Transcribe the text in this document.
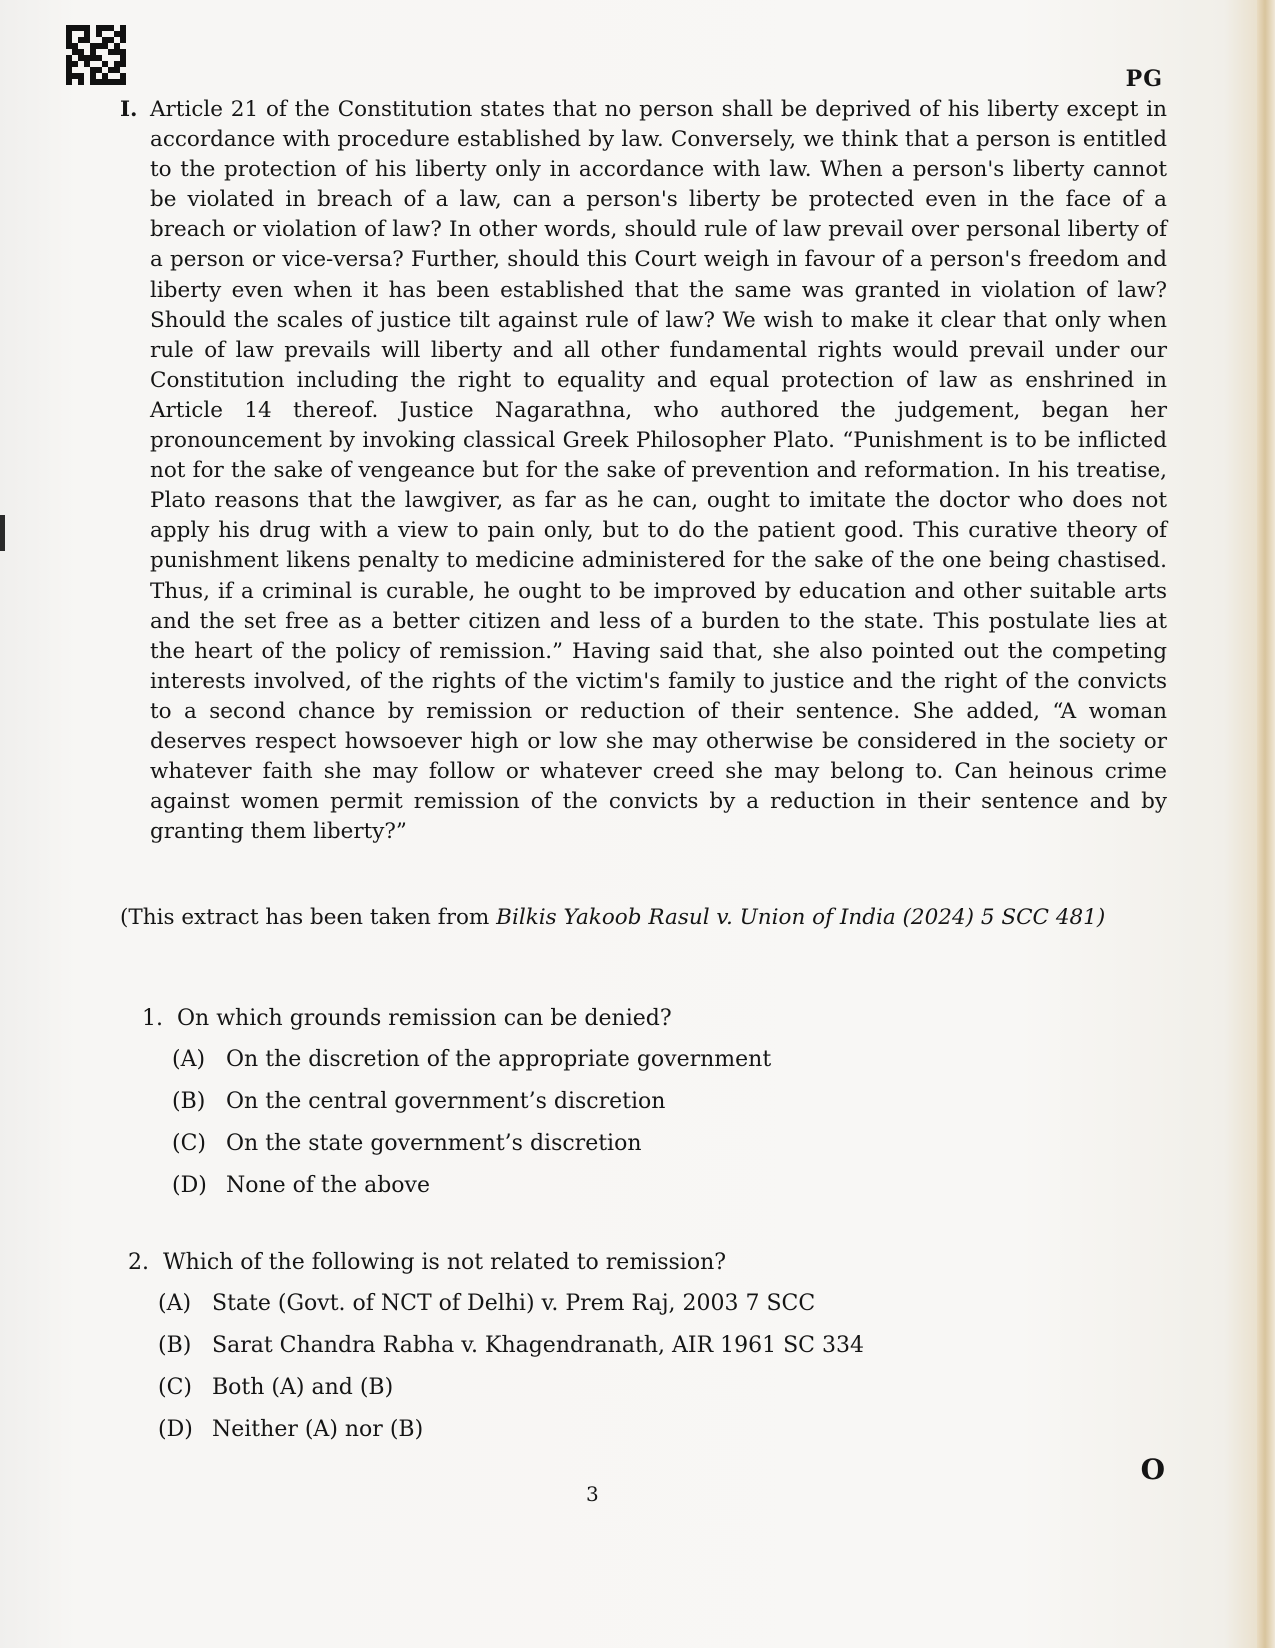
PG
I. Article 21 of the Constitution states that no person shall be deprived of his liberty except in accordance with procedure established by law. Conversely, we think that a person is entitled to the protection of his liberty only in accordance with law. When a person's liberty cannot be violated in breach of a law, can a person's liberty be protected even in the face of a breach or violation of law? In other words, should rule of law prevail over personal liberty of a person or vice-versa? Further, should this Court weigh in favour of a person's freedom and liberty even when it has been established that the same was granted in violation of law? Should the scales of justice tilt against rule of law? We wish to make it clear that only when rule of law prevails will liberty and all other fundamental rights would prevail under our Constitution including the right to equality and equal protection of law as enshrined in Article 14 thereof. Justice Nagarathna, who authored the judgement, began her pronouncement by invoking classical Greek Philosopher Plato. “Punishment is to be inflicted not for the sake of vengeance but for the sake of prevention and reformation. In his treatise, Plato reasons that the lawgiver, as far as he can, ought to imitate the doctor who does not apply his drug with a view to pain only, but to do the patient good. This curative theory of punishment likens penalty to medicine administered for the sake of the one being chastised. Thus, if a criminal is curable, he ought to be improved by education and other suitable arts and the set free as a better citizen and less of a burden to the state. This postulate lies at the heart of the policy of remission.” Having said that, she also pointed out the competing interests involved, of the rights of the victim's family to justice and the right of the convicts to a second chance by remission or reduction of their sentence. She added, “A woman deserves respect howsoever high or low she may otherwise be considered in the society or whatever faith she may follow or whatever creed she may belong to. Can heinous crime against women permit remission of the convicts by a reduction in their sentence and by granting them liberty?”
(This extract has been taken from Bilkis Yakoob Rasul v. Union of India (2024) 5 SCC 481)
1. On which grounds remission can be denied?
(A) On the discretion of the appropriate government
(B) On the central government’s discretion
(C) On the state government’s discretion
(D) None of the above
2. Which of the following is not related to remission?
(A) State (Govt. of NCT of Delhi) v. Prem Raj, 2003 7 SCC
(B) Sarat Chandra Rabha v. Khagendranath, AIR 1961 SC 334
(C) Both (A) and (B)
(D) Neither (A) nor (B)
3
O
